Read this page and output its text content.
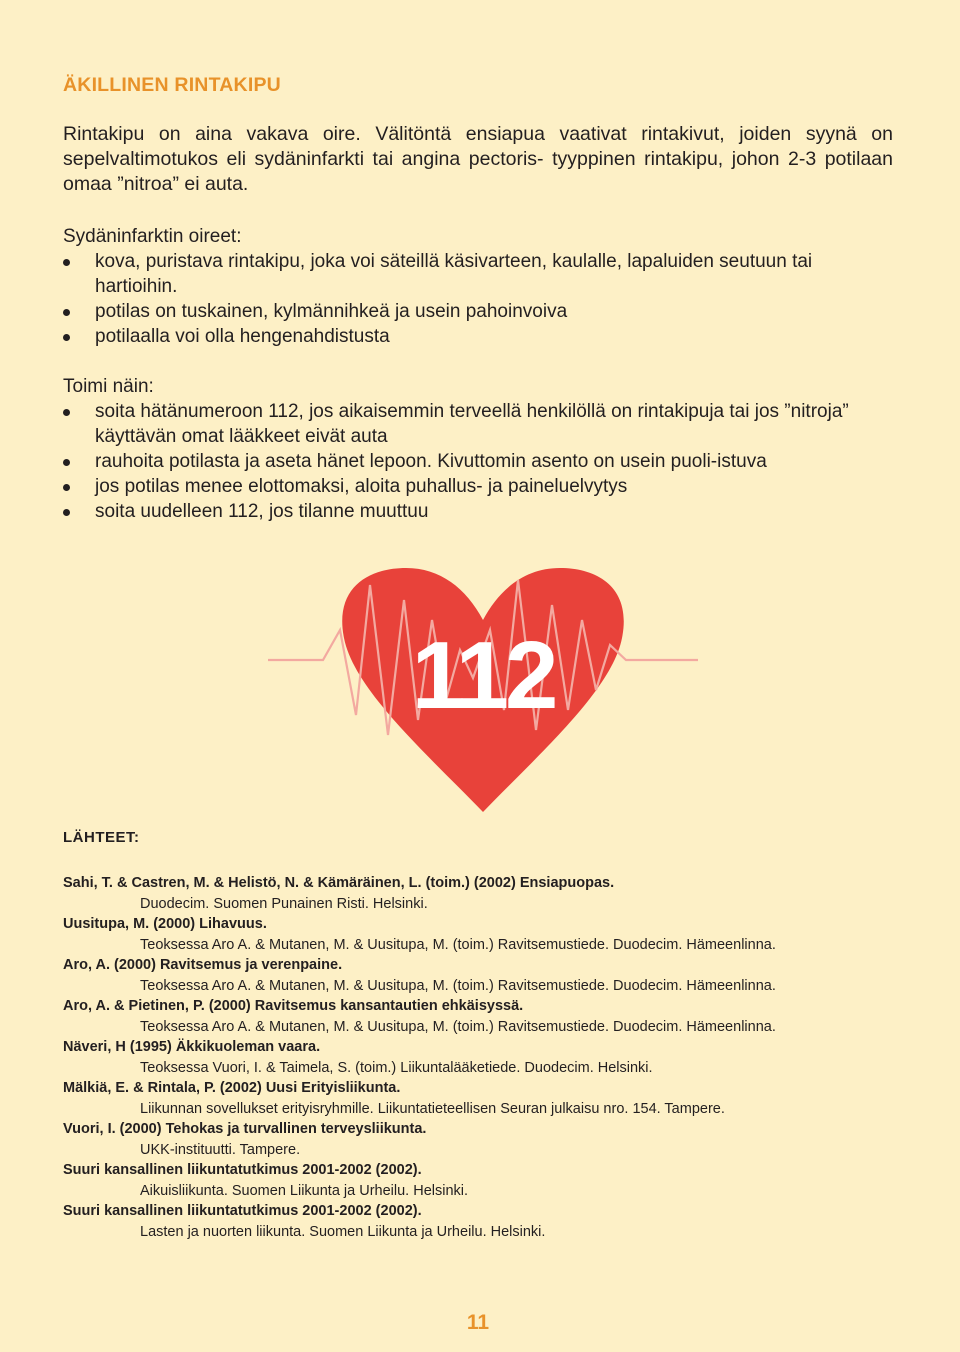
ÄKILLINEN RINTAKIPU
Rintakipu on aina vakava oire. Välitöntä ensiapua vaativat rintakivut, joiden syynä on sepelvaltimotukos eli sydäninfarkti tai angina pectoris- tyyppinen rintakipu, johon 2-3 potilaan omaa ”nitroa” ei auta.
Sydäninfarktin oireet:
kova, puristava rintakipu, joka voi säteillä käsivarteen, kaulalle, lapaluiden seutuun tai hartioihin.
potilas on tuskainen, kylmännihkeä ja usein pahoinvoiva
potilaalla voi olla hengenahdistusta
Toimi näin:
soita hätänumeroon 112, jos aikaisemmin terveellä henkilöllä on rintakipuja tai jos ”nitroja” käyttävän omat lääkkeet eivät auta
rauhoita potilasta ja aseta hänet lepoon. Kivuttomin asento on usein puoli-istuva
jos potilas menee elottomaksi, aloita puhallus- ja paineluelvytys
soita uudelleen 112, jos tilanne muuttuu
112
LÄHTEET:
Sahi, T. & Castren, M. & Helistö, N. & Kämäräinen, L. (toim.) (2002) Ensiapuopas.
Duodecim. Suomen Punainen Risti. Helsinki.
Uusitupa, M. (2000) Lihavuus.
Teoksessa Aro A. & Mutanen, M. & Uusitupa, M. (toim.) Ravitsemustiede. Duodecim. Hämeenlinna.
Aro, A. (2000) Ravitsemus ja verenpaine.
Teoksessa Aro A. & Mutanen, M. & Uusitupa, M. (toim.) Ravitsemustiede. Duodecim. Hämeenlinna.
Aro, A. & Pietinen, P. (2000) Ravitsemus kansantautien ehkäisyssä.
Teoksessa Aro A. & Mutanen, M. & Uusitupa, M. (toim.) Ravitsemustiede. Duodecim. Hämeenlinna.
Näveri, H (1995) Äkkikuoleman vaara.
Teoksessa Vuori, I. & Taimela, S. (toim.) Liikuntalääketiede. Duodecim. Helsinki.
Mälkiä, E. & Rintala, P. (2002) Uusi Erityisliikunta.
Liikunnan sovellukset erityisryhmille. Liikuntatieteellisen Seuran julkaisu nro. 154. Tampere.
Vuori, I. (2000) Tehokas ja turvallinen terveysliikunta.
UKK-instituutti. Tampere.
Suuri kansallinen liikuntatutkimus 2001-2002 (2002).
Aikuisliikunta. Suomen Liikunta ja Urheilu. Helsinki.
Suuri kansallinen liikuntatutkimus 2001-2002 (2002).
Lasten ja nuorten liikunta. Suomen Liikunta ja Urheilu. Helsinki.
11
